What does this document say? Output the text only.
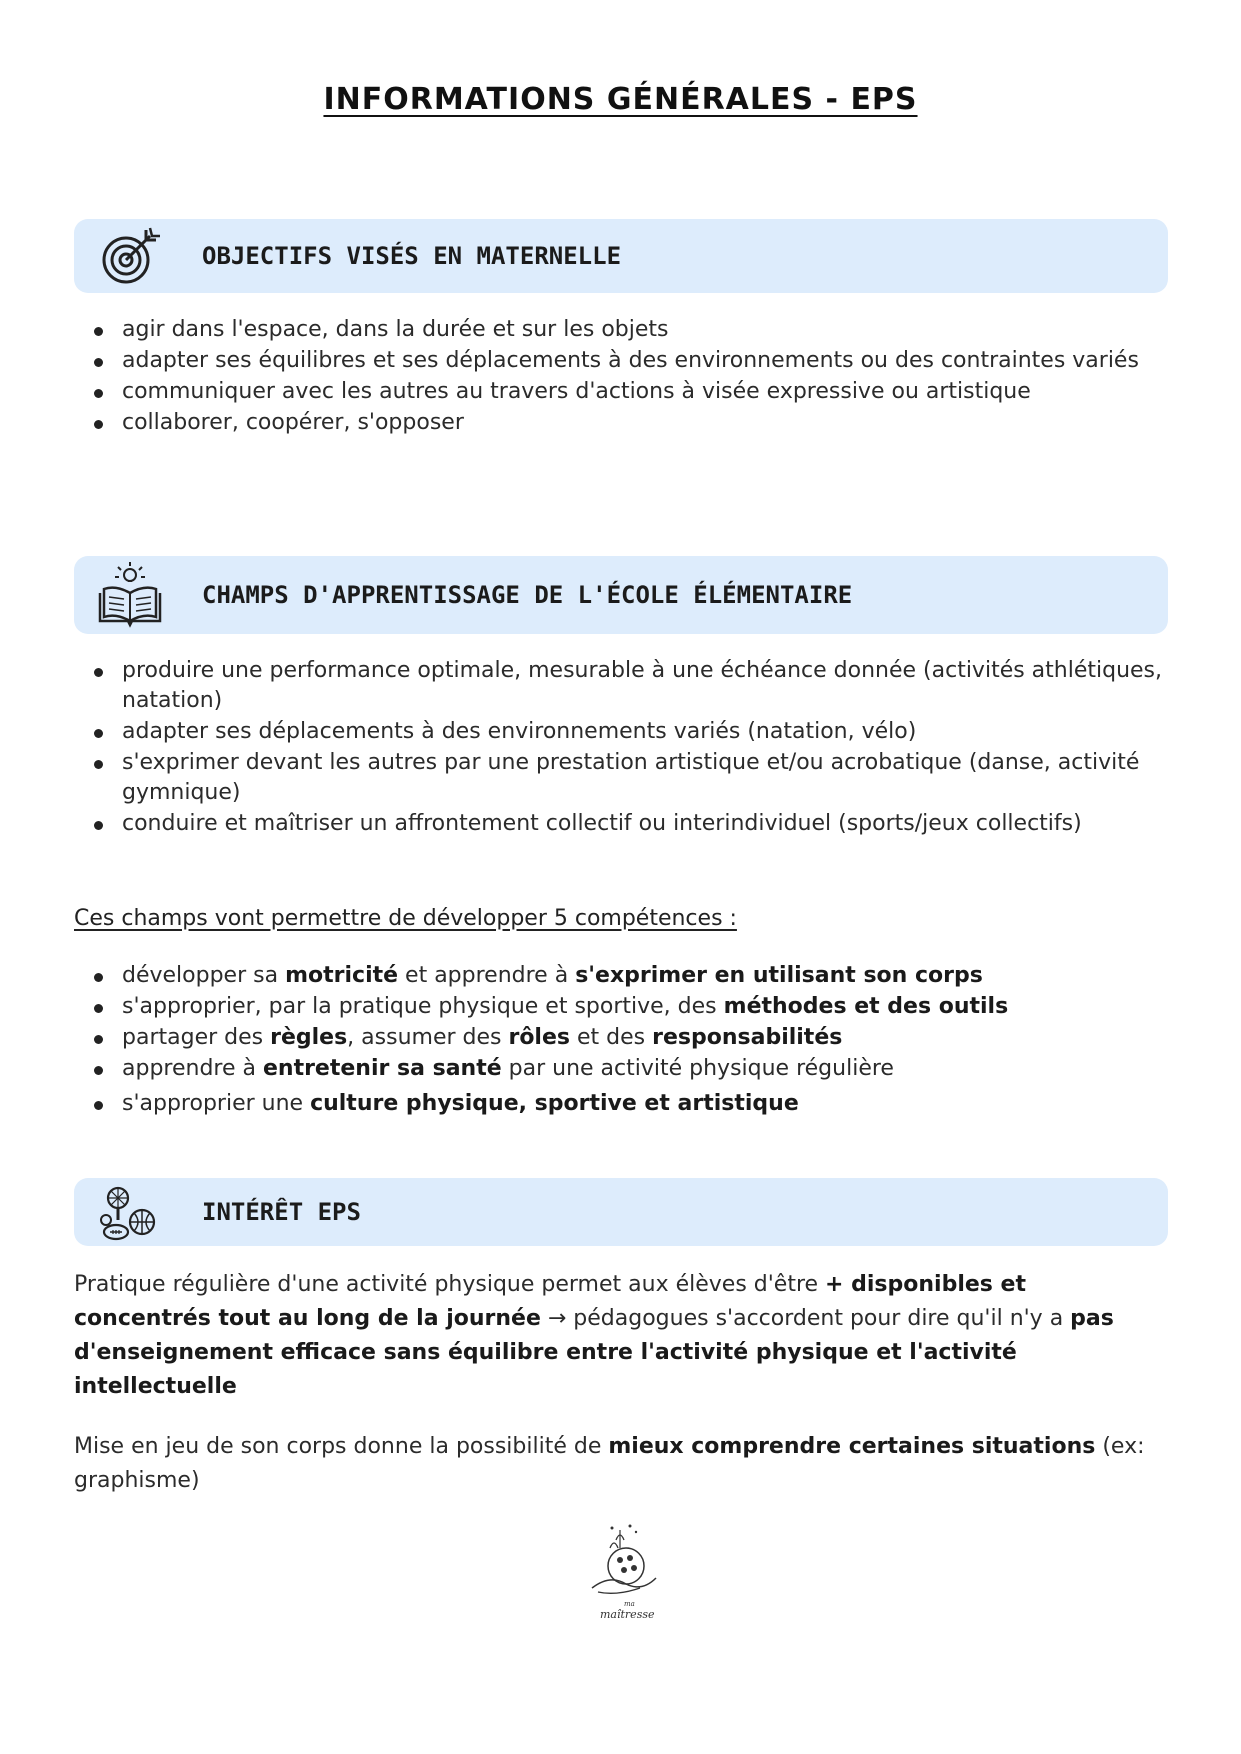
INFORMATIONS GÉNÉRALES - EPS
OBJECTIFS VISÉS EN MATERNELLE
agir dans l'espace, dans la durée et sur les objets
adapter ses équilibres et ses déplacements à des environnements ou des contraintes variés
communiquer avec les autres au travers d'actions à visée expressive ou artistique
collaborer, coopérer, s'opposer
CHAMPS D'APPRENTISSAGE DE L'ÉCOLE ÉLÉMENTAIRE
produire une performance optimale, mesurable à une échéance donnée (activités athlétiques, natation)
adapter ses déplacements à des environnements variés (natation, vélo)
s'exprimer devant les autres par une prestation artistique et/ou acrobatique (danse, activité gymnique)
conduire et maîtriser un affrontement collectif ou interindividuel (sports/jeux collectifs)
Ces champs vont permettre de développer 5 compétences :
développer sa motricité et apprendre à s'exprimer en utilisant son corps
s'approprier, par la pratique physique et sportive, des méthodes et des outils
partager des règles, assumer des rôles et des responsabilités
apprendre à entretenir sa santé par une activité physique régulière
s'approprier une culture physique, sportive et artistique
INTÉRÊT EPS
Pratique régulière d'une activité physique permet aux élèves d'être + disponibles et concentrés tout au long de la journée → pédagogues s'accordent pour dire qu'il n'y a pas d'enseignement efficace sans équilibre entre l'activité physique et l'activité intellectuelle
Mise en jeu de son corps donne la possibilité de mieux comprendre certaines situations (ex: graphisme)
ma
maîtresse
